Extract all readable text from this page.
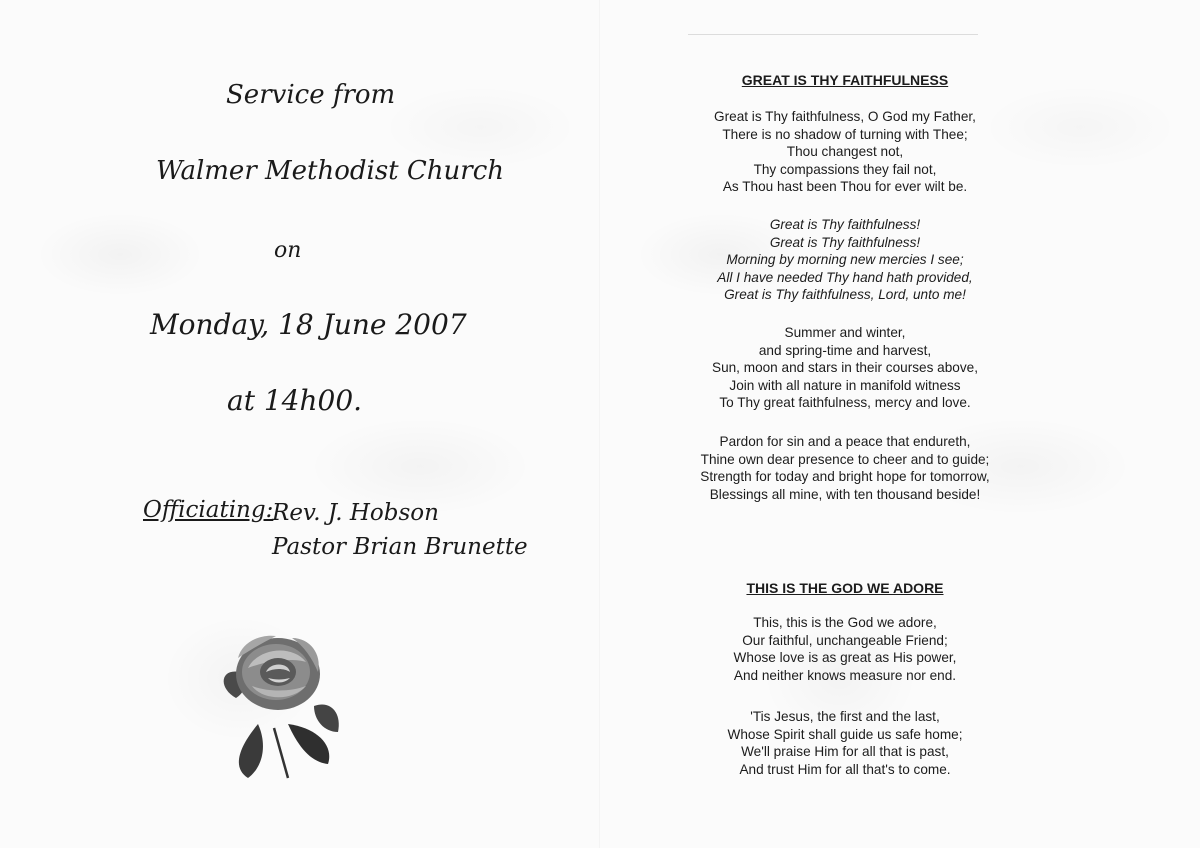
Service from
Walmer Methodist Church
on
Monday, 18 June 2007
at 14h00.
Officiating:
Rev. J. Hobson
Pastor Brian Brunette
GREAT IS THY FAITHFULNESS

Great is Thy faithfulness, O God my Father,

There is no shadow of turning with Thee;

Thou changest not,

Thy compassions they fail not,

As Thou hast been Thou for ever wilt be.

Great is Thy faithfulness!

Great is Thy faithfulness!

Morning by morning new mercies I see;

All I have needed Thy hand hath provided,

Great is Thy faithfulness, Lord, unto me!

Summer and winter,

and spring-time and harvest,

Sun, moon and stars in their courses above,

Join with all nature in manifold witness

To Thy great faithfulness, mercy and love.

Pardon for sin and a peace that endureth,

Thine own dear presence to cheer and to guide;

Strength for today and bright hope for tomorrow,

Blessings all mine, with ten thousand beside!

THIS IS THE GOD WE ADORE

This, this is the God we adore,

Our faithful, unchangeable Friend;

Whose love is as great as His power,

And neither knows measure nor end.

'Tis Jesus, the first and the last,

Whose Spirit shall guide us safe home;

We'll praise Him for all that is past,

And trust Him for all that's to come.
